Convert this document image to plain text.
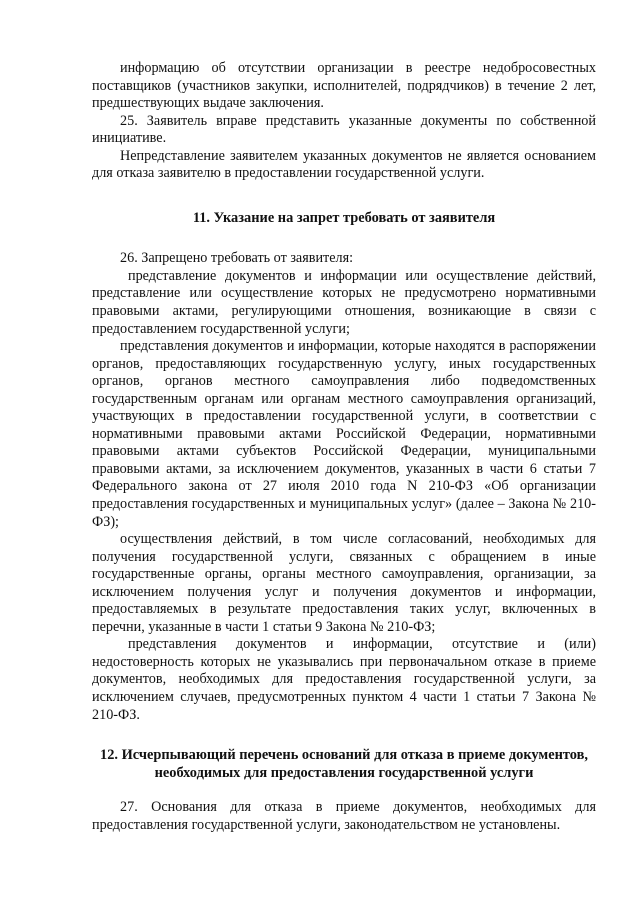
информацию об отсутствии организации в реестре недобросовестных поставщиков (участников закупки, исполнителей, подрядчиков) в течение 2 лет, предшествующих выдаче заключения.

25. Заявитель вправе представить указанные документы по собственной инициативе.

Непредставление заявителем указанных документов не является основанием для отказа заявителю в предоставлении государственной услуги.

11. Указание на запрет требовать от заявителя

26. Запрещено требовать от заявителя:

представление документов и информации или осуществление действий, представление или осуществление которых не предусмотрено нормативными правовыми актами, регулирующими отношения, возникающие в связи с предоставлением государственной услуги;

представления документов и информации, которые находятся в распоряжении органов, предоставляющих государственную услугу, иных государственных органов, органов местного самоуправления либо подведомственных государственным органам или органам местного самоуправления организаций, участвующих в предоставлении государственной услуги, в соответствии с нормативными правовыми актами Российской Федерации, нормативными правовыми актами субъектов Российской Федерации, муниципальными правовыми актами, за исключением документов, указанных в части 6 статьи 7 Федерального закона от 27 июля 2010 года N 210-ФЗ «Об организации предоставления государственных и муниципальных услуг» (далее – Закона № 210-ФЗ);

осуществления действий, в том числе согласований, необходимых для получения государственной услуги, связанных с обращением в иные государственные органы, органы местного самоуправления, организации, за исключением получения услуг и получения документов и информации, предоставляемых в результате предоставления таких услуг, включенных в перечни, указанные в части 1 статьи 9 Закона № 210-ФЗ;

представления документов и информации, отсутствие и (или) недостоверность которых не указывались при первоначальном отказе в приеме документов, необходимых для предоставления государственной услуги, за исключением случаев, предусмотренных пунктом 4 части 1 статьи 7 Закона № 210-ФЗ.

12. Исчерпывающий перечень оснований для отказа в приеме документов, необходимых для предоставления государственной услуги

27. Основания для отказа в приеме документов, необходимых для предоставления государственной услуги, законодательством не установлены.
